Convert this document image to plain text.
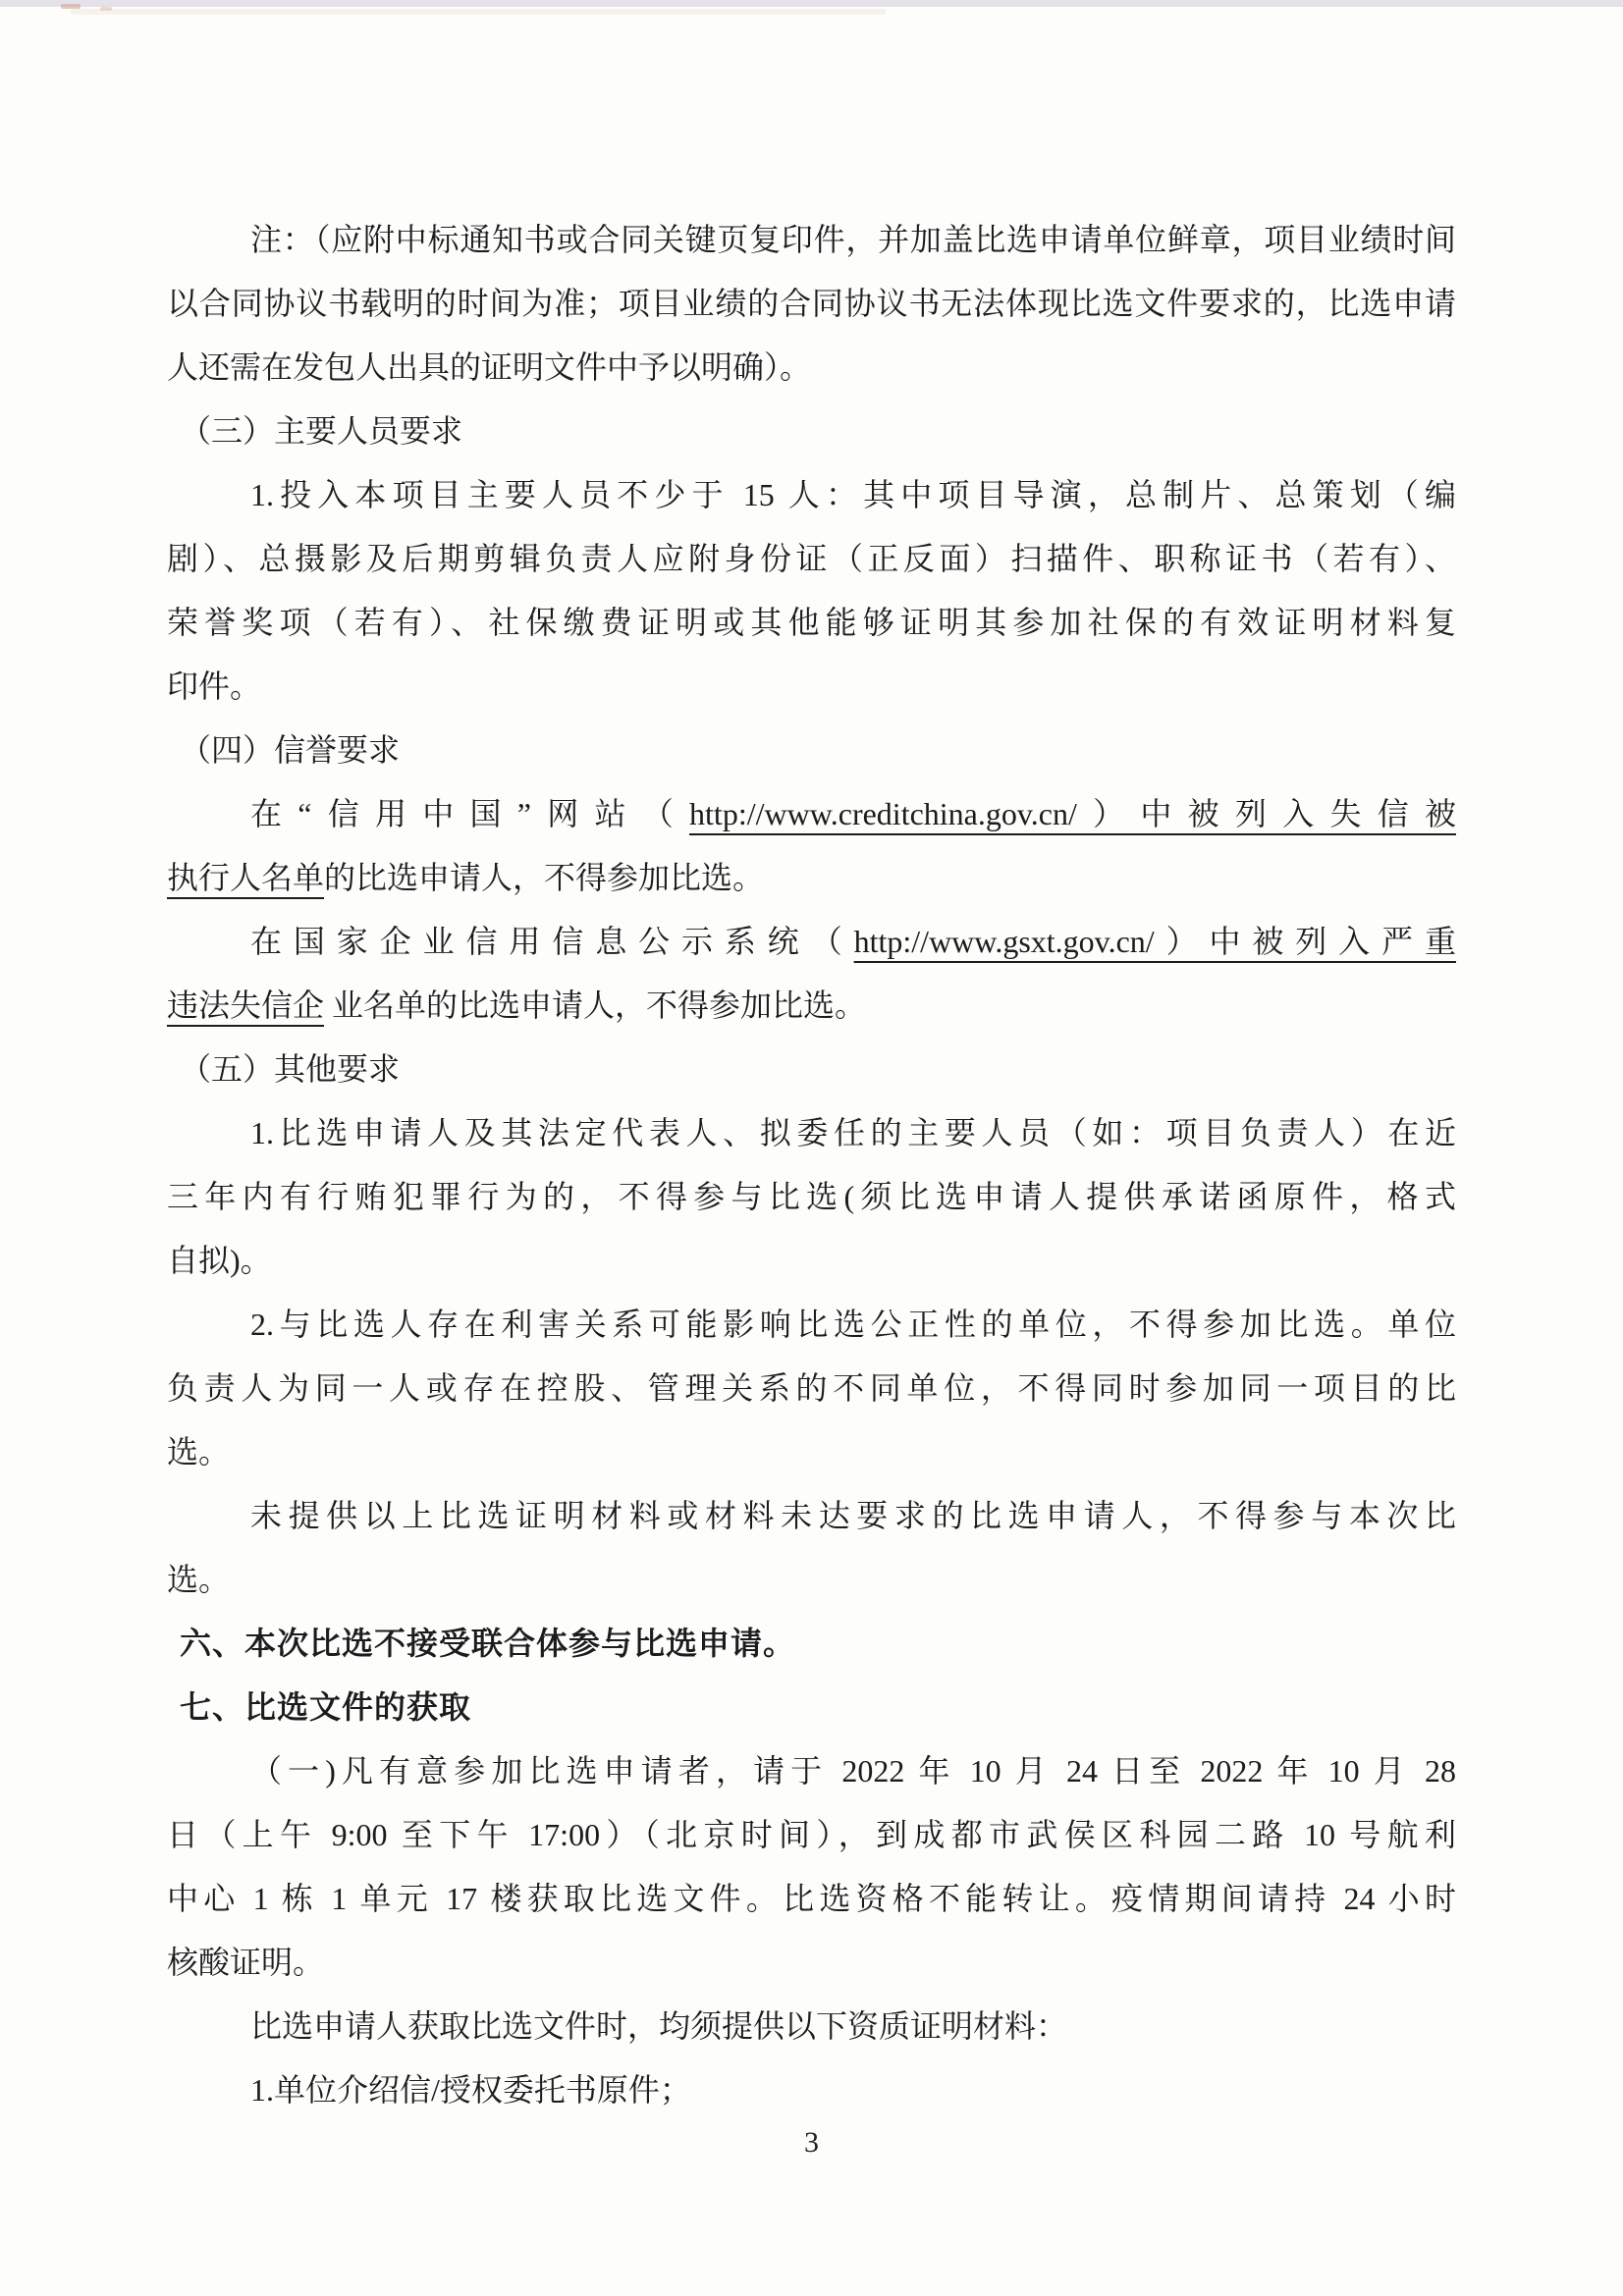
注：（应附中标通知书或合同关键页复印件，并加盖比选申请单位鲜章，项目业绩时间
以合同协议书载明的时间为准；项目业绩的合同协议书无法体现比选文件要求的，比选申请
人还需在发包人出具的证明文件中予以明确）。
（三）主要人员要求
1.投入本项目主要人员不少于 15 人：其中项目导演，总制片、总策划（编
剧）、总摄影及后期剪辑负责人应附身份证（正反面）扫描件、职称证书（若有）、
荣誉奖项（若有）、社保缴费证明或其他能够证明其参加社保的有效证明材料复
印件。
（四）信誉要求
在“信用中国”网站（http://www.creditchina.gov.cn/）中被列入失信被
执行人名单的比选申请人，不得参加比选。
在国家企业信用信息公示系统（http://www.gsxt.gov.cn/）中被列入严重
违法失信企 业名单的比选申请人，不得参加比选。
（五）其他要求
1.比选申请人及其法定代表人、拟委任的主要人员（如：项目负责人）在近
三年内有行贿犯罪行为的，不得参与比选(须比选申请人提供承诺函原件，格式
自拟)。
2.与比选人存在利害关系可能影响比选公正性的单位，不得参加比选。单位
负责人为同一人或存在控股、管理关系的不同单位，不得同时参加同一项目的比
选。
未提供以上比选证明材料或材料未达要求的比选申请人，不得参与本次比
选。
六、本次比选不接受联合体参与比选申请。
七、比选文件的获取
（一)凡有意参加比选申请者，请于 2022 年 10 月 24 日至 2022 年 10 月 28
日（上午 9:00 至下午 17:00）（北京时间），到成都市武侯区科园二路 10 号航利
中心 1 栋 1 单元 17 楼获取比选文件。比选资格不能转让。疫情期间请持 24 小时
核酸证明。
比选申请人获取比选文件时，均须提供以下资质证明材料：
1.单位介绍信/授权委托书原件；
3
